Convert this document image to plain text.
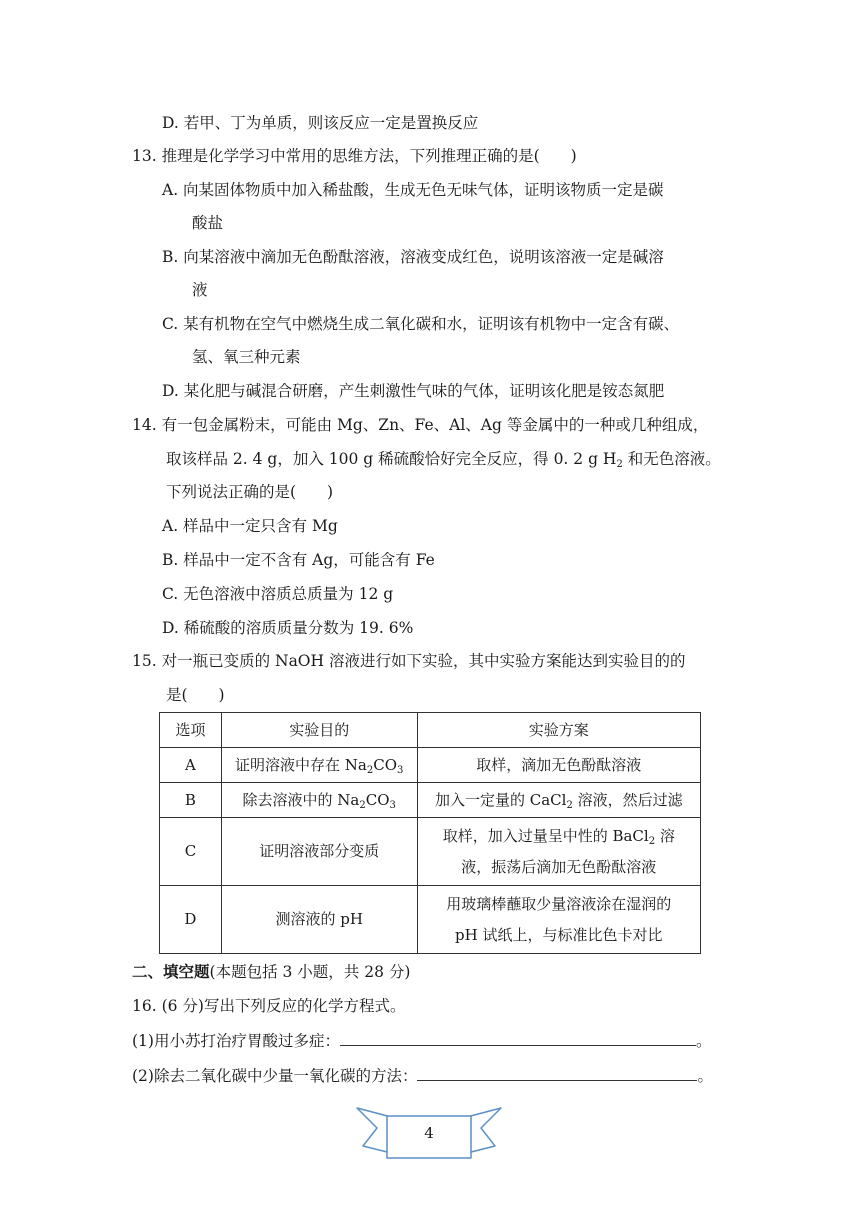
D. 若甲、丁为单质，则该反应一定是置换反应
13. 推理是化学学习中常用的思维方法，下列推理正确的是(　　)
A. 向某固体物质中加入稀盐酸，生成无色无味气体，证明该物质一定是碳
酸盐
B. 向某溶液中滴加无色酚酞溶液，溶液变成红色，说明该溶液一定是碱溶
液
C. 某有机物在空气中燃烧生成二氧化碳和水，证明该有机物中一定含有碳、
氢、氧三种元素
D. 某化肥与碱混合研磨，产生刺激性气味的气体，证明该化肥是铵态氮肥
14. 有一包金属粉末，可能由 Mg、Zn、Fe、Al、Ag 等金属中的一种或几种组成，
取该样品 2. 4 g，加入 100 g 稀硫酸恰好完全反应，得 0. 2 g $H_2$ 和无色溶液。
下列说法正确的是(　　)
A. 样品中一定只含有 Mg
B. 样品中一定不含有 Ag，可能含有 Fe
C. 无色溶液中溶质总质量为 12 g
D. 稀硫酸的溶质质量分数为 19. 6%
15. 对一瓶已变质的 NaOH 溶液进行如下实验，其中实验方案能达到实验目的的
是(　　)
选项	实验目的	实验方案
A	证明溶液中存在 $Na_2CO_3$	取样，滴加无色酚酞溶液
B	除去溶液中的 $Na_2CO_3$	加入一定量的 CaCl$_2$ 溶液，然后过滤
C	证明溶液部分变质	取样，加入过量呈中性的 BaCl$_2$ 溶
液，振荡后滴加无色酚酞溶液
D	测溶液的 pH	用玻璃棒蘸取少量溶液涂在湿润的
pH 试纸上，与标准比色卡对比
二、填空题(本题包括 3 小题，共 28 分)
16. (6 分)写出下列反应的化学方程式。
(1)用小苏打治疗胃酸过多症：	。
(2)除去二氧化碳中少量一氧化碳的方法：	。
4
